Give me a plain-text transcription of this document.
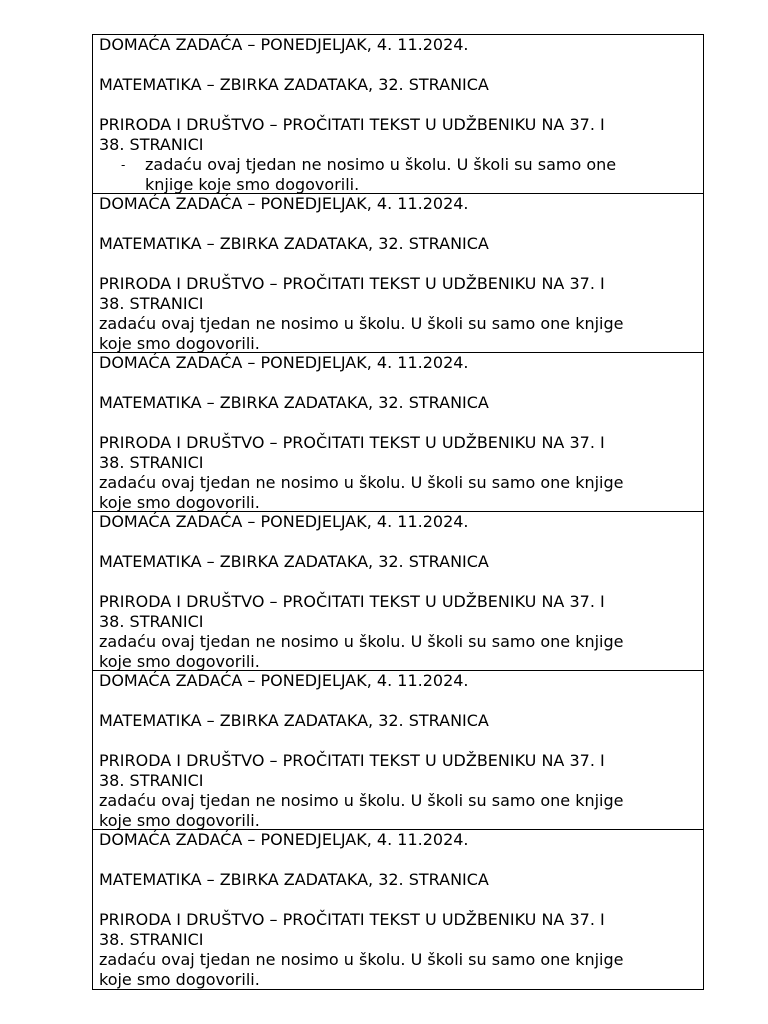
DOMAĆA ZADAĆA – PONEDJELJAK, 4. 11.2024.

MATEMATIKA – ZBIRKA ZADATAKA, 32. STRANICA

PRIRODA I DRUŠTVO – PROČITATI TEKST U UDŽBENIKU NA 37. I

38. STRANICI

- zadaću ovaj tjedan ne nosimo u školu. U školi su samo one
knjige koje smo dogovorili.

DOMAĆA ZADAĆA – PONEDJELJAK, 4. 11.2024.

MATEMATIKA – ZBIRKA ZADATAKA, 32. STRANICA

PRIRODA I DRUŠTVO – PROČITATI TEKST U UDŽBENIKU NA 37. I

38. STRANICI

zadaću ovaj tjedan ne nosimo u školu. U školi su samo one knjige

koje smo dogovorili.

DOMAĆA ZADAĆA – PONEDJELJAK, 4. 11.2024.

MATEMATIKA – ZBIRKA ZADATAKA, 32. STRANICA

PRIRODA I DRUŠTVO – PROČITATI TEKST U UDŽBENIKU NA 37. I

38. STRANICI

zadaću ovaj tjedan ne nosimo u školu. U školi su samo one knjige

koje smo dogovorili.

DOMAĆA ZADAĆA – PONEDJELJAK, 4. 11.2024.

MATEMATIKA – ZBIRKA ZADATAKA, 32. STRANICA

PRIRODA I DRUŠTVO – PROČITATI TEKST U UDŽBENIKU NA 37. I

38. STRANICI

zadaću ovaj tjedan ne nosimo u školu. U školi su samo one knjige

koje smo dogovorili.

DOMAĆA ZADAĆA – PONEDJELJAK, 4. 11.2024.

MATEMATIKA – ZBIRKA ZADATAKA, 32. STRANICA

PRIRODA I DRUŠTVO – PROČITATI TEKST U UDŽBENIKU NA 37. I

38. STRANICI

zadaću ovaj tjedan ne nosimo u školu. U školi su samo one knjige

koje smo dogovorili.

DOMAĆA ZADAĆA – PONEDJELJAK, 4. 11.2024.

MATEMATIKA – ZBIRKA ZADATAKA, 32. STRANICA

PRIRODA I DRUŠTVO – PROČITATI TEKST U UDŽBENIKU NA 37. I

38. STRANICI

zadaću ovaj tjedan ne nosimo u školu. U školi su samo one knjige

koje smo dogovorili.
